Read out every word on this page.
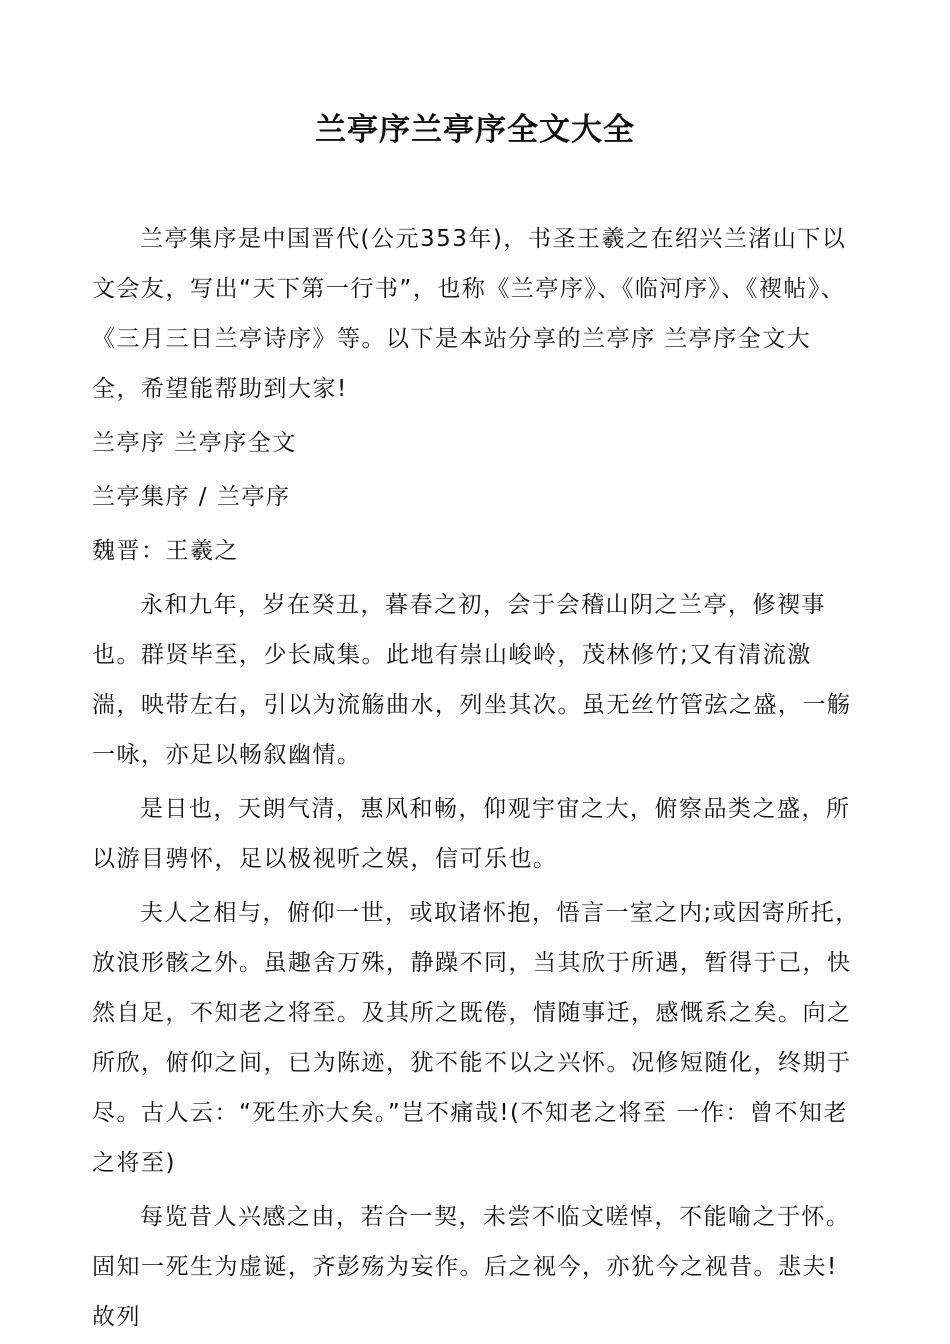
兰亭序兰亭序全文大全

兰亭集序是中国晋代(公元353年)，书圣王羲之在绍兴兰渚山下以文会友，写出“天下第一行书”，也称《兰亭序》、《临河序》、《褉帖》、《三月三日兰亭诗序》等。以下是本站分享的兰亭序 兰亭序全文大全，希望能帮助到大家!

兰亭序 兰亭序全文

兰亭集序 / 兰亭序

魏晋：王羲之

永和九年，岁在癸丑，暮春之初，会于会稽山阴之兰亭，修褉事也。群贤毕至，少长咸集。此地有崇山峻岭，茂林修竹;又有清流激湍，映带左右，引以为流觞曲水，列坐其次。虽无丝竹管弦之盛，一觞一咏，亦足以畅叙幽情。

是日也，天朗气清，惠风和畅，仰观宇宙之大，俯察品类之盛，所以游目骋怀，足以极视听之娱，信可乐也。

夫人之相与，俯仰一世，或取诸怀抱，悟言一室之内;或因寄所托，放浪形骸之外。虽趣舍万殊，静躁不同，当其欣于所遇，暂得于己，快然自足，不知老之将至。及其所之既倦，情随事迁，感慨系之矣。向之所欣，俯仰之间，已为陈迹，犹不能不以之兴怀。况修短随化，终期于尽。古人云：“死生亦大矣。”岂不痛哉!(不知老之将至 一作：曾不知老之将至)

每览昔人兴感之由，若合一契，未尝不临文嗟悼，不能喻之于怀。固知一死生为虚诞，齐彭殇为妄作。后之视今，亦犹今之视昔。悲夫!故列
